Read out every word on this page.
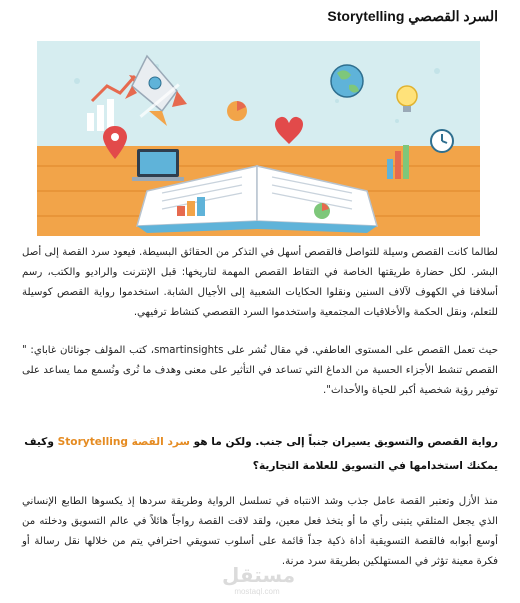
السرد القصصي Storytelling
لطالما كانت القصص وسيلة للتواصل فالقصص أسهل في التذكر من الحقائق البسيطة. فيعود سرد القصة إلى أصل البشر. لكل حضارة طريقتها الخاصة في التقاط القصص المهمة لتاريخها: قبل الإنترنت والراديو والكتب، رسم أسلافنا في الكهوف لآلاف السنين ونقلوا الحكايات الشعبية إلى الأجيال الشابة. استخدموا رواية القصص كوسيلة للتعلم، ونقل الحكمة والأخلاقيات المجتمعية واستخدموا السرد القصصي كنشاط ترفيهي.
حيث تعمل القصص على المستوى العاطفي. في مقال نُشر على smartinsights، كتب المؤلف جوناثان غاباي: " القصص تنشط الأجزاء الحسية من الدماغ التي تساعد في التأثير على معنى وهدف ما نُرى ونُسمع مما يساعد على توفير رؤية شخصية أكبر للحياة والأحداث".
رواية القصص والتسويق يسيران جنباً إلى جنب. ولكن ما هو سرد القصة Storytelling وكيف يمكنك استخدامها في التسويق للعلامة التجارية؟
منذ الأزل وتعتبر القصة عامل جذب وشد الانتباه في تسلسل الرواية وطريقة سردها إذ يكسوها الطابع الإنساني الذي يجعل المتلقي يتبنى رأي ما أو يتخذ فعل معين، ولقد لاقت القصة رواجاً هائلاً في عالم التسويق ودخلته من أوسع أبوابه فالقصة التسويقية أداة ذكية جداً قائمة على أسلوب تسويقي احترافي يتم من خلالها نقل رسالة أو فكرة معينة تؤثر في المستهلكين بطريقة سرد مرنة.
مستقل
mostaql.com
